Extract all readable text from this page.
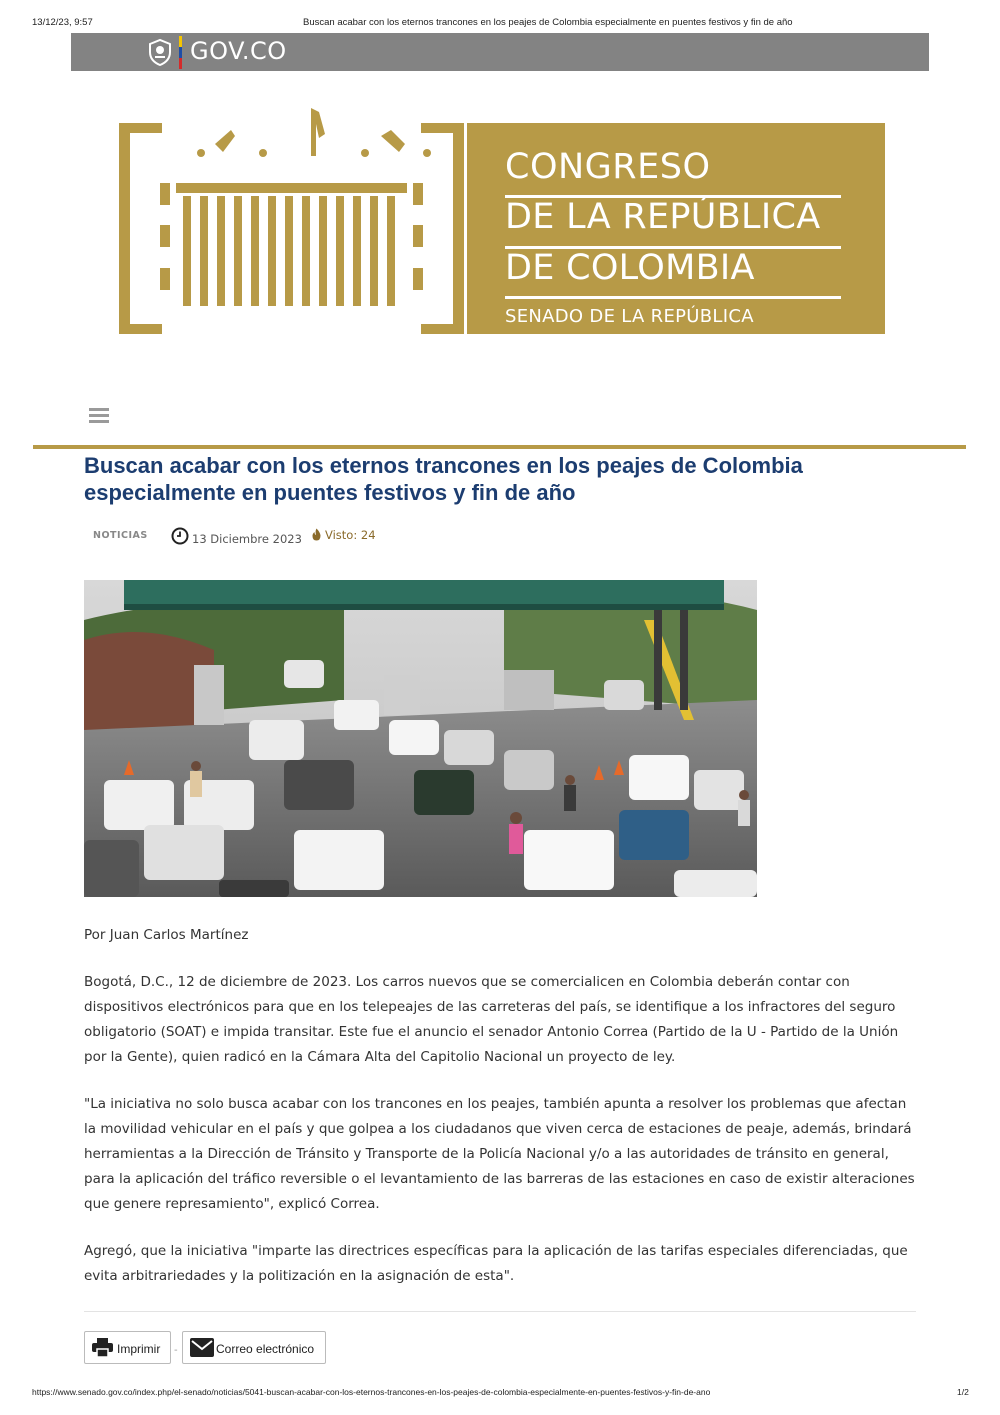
13/12/23, 9:57	Buscan acabar con los eternos trancones en los peajes de Colombia especialmente en puentes festivos y fin de año
GOV.CO
CONGRESO
DE LA REPÚBLICA
DE COLOMBIA
SENADO DE LA REPÚBLICA
Buscan acabar con los eternos trancones en los peajes de Colombia especialmente en puentes festivos y fin de año
NOTICIAS	13 Diciembre 2023 Visto: 24

Por Juan Carlos Martínez

Bogotá, D.C., 12 de diciembre de 2023. Los carros nuevos que se comercialicen en Colombia deberán contar con dispositivos electrónicos para que en los telepeajes de las carreteras del país, se identifique a los infractores del seguro obligatorio (SOAT) e impida transitar. Este fue el anuncio el senador Antonio Correa (Partido de la U - Partido de la Unión por la Gente), quien radicó en la Cámara Alta del Capitolio Nacional un proyecto de ley.

"La iniciativa no solo busca acabar con los trancones en los peajes, también apunta a resolver los problemas que afectan la movilidad vehicular en el país y que golpea a los ciudadanos que viven cerca de estaciones de peaje, además, brindará herramientas a la Dirección de Tránsito y Transporte de la Policía Nacional y/o a las autoridades de tránsito en general, para la aplicación del tráfico reversible o el levantamiento de las barreras de las estaciones en caso de existir alteraciones que genere represamiento", explicó Correa.

Agregó, que la iniciativa "imparte las directrices específicas para la aplicación de las tarifas especiales diferenciadas, que evita arbitrariedades y la politización en la asignación de esta".

Imprimir -	Correo electrónico
https://www.senado.gov.co/index.php/el-senado/noticias/5041-buscan-acabar-con-los-eternos-trancones-en-los-peajes-de-colombia-especialmente-en-puentes-festivos-y-fin-de-ano	1/2
